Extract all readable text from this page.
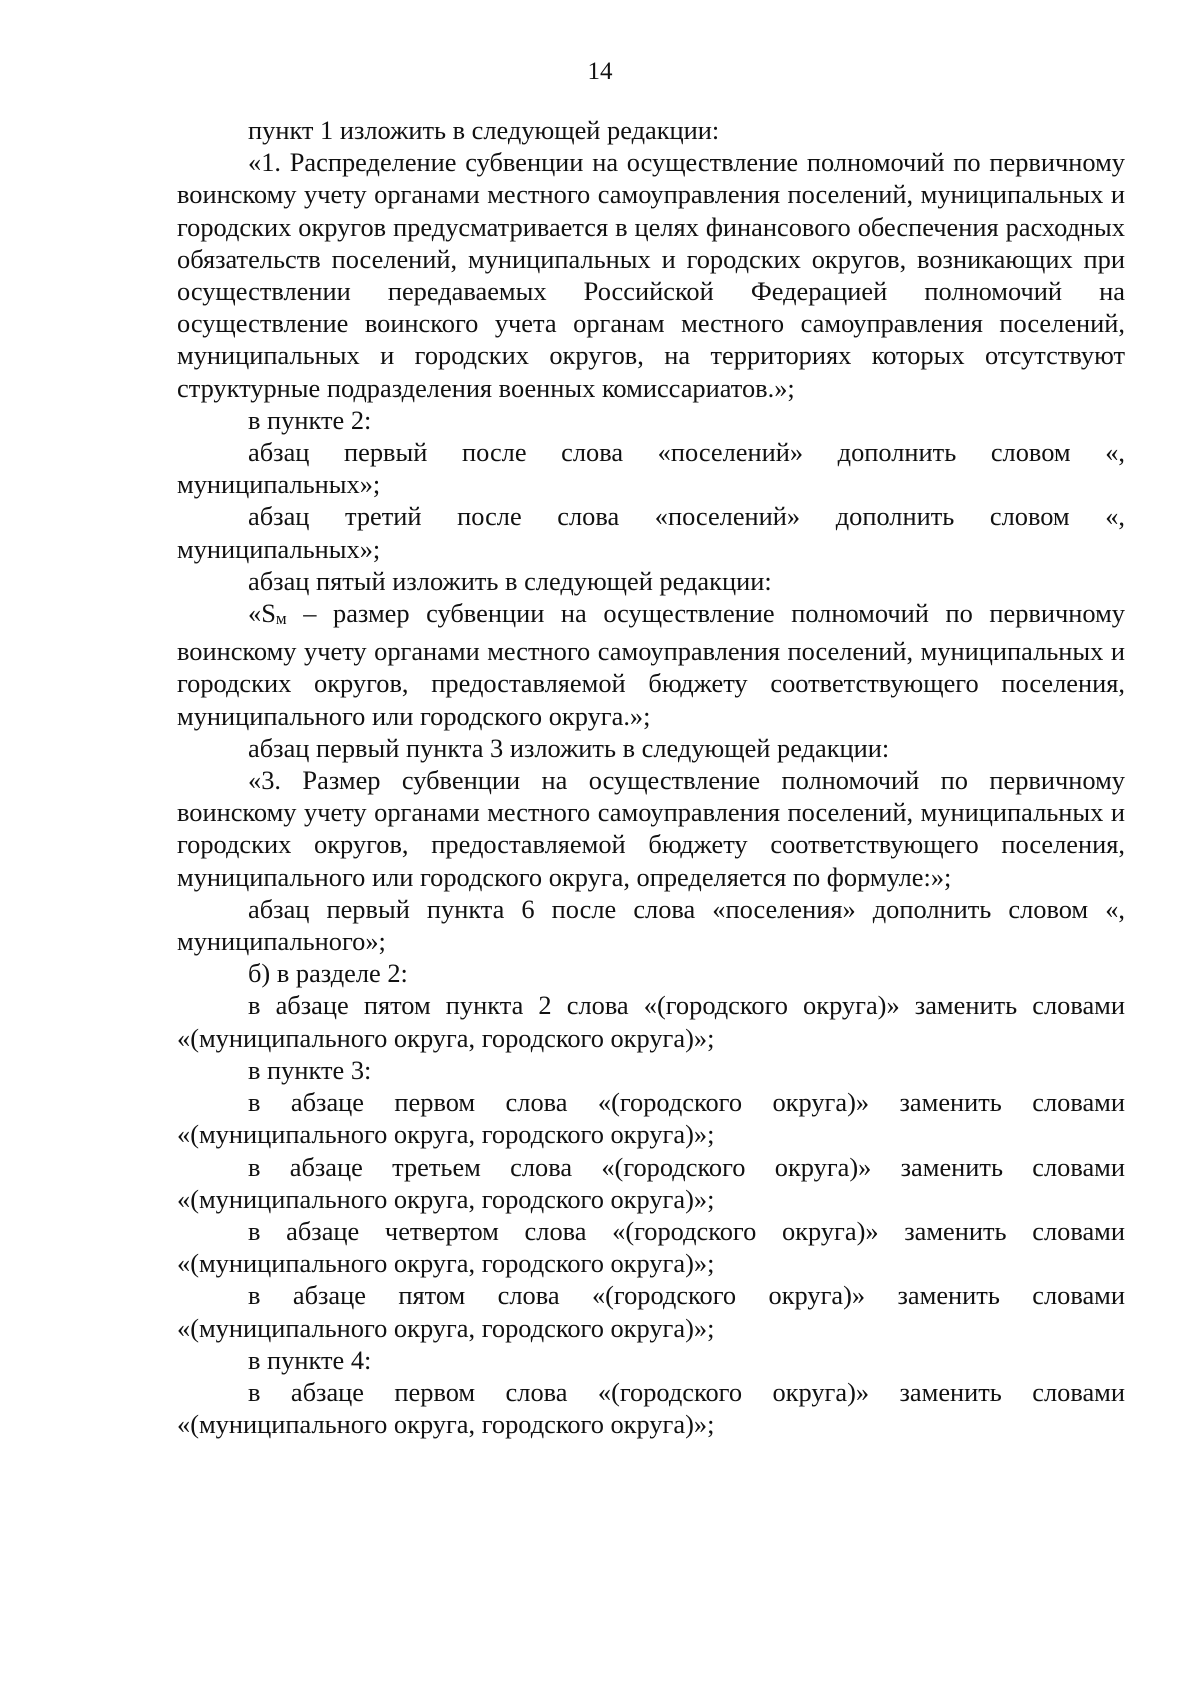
14

пункт 1 изложить в следующей редакции:

«1. Распределение субвенции на осуществление полномочий по первичному воинскому учету органами местного самоуправления поселений, муниципальных и городских округов предусматривается в целях финансового обеспечения расходных обязательств поселений, муниципальных и городских округов, возникающих при осуществлении передаваемых Российской Федерацией полномочий на осуществление воинского учета органам местного самоуправления поселений, муниципальных и городских округов, на территориях которых отсутствуют структурные подразделения военных комиссариатов.»;

в пункте 2:

абзац первый после слова «поселений» дополнить словом «, муниципальных»;

абзац третий после слова «поселений» дополнить словом «, муниципальных»;

абзац пятый изложить в следующей редакции:

«Sм – размер субвенции на осуществление полномочий по первичному воинскому учету органами местного самоуправления поселений, муниципальных и городских округов, предоставляемой бюджету соответствующего поселения, муниципального или городского округа.»;

абзац первый пункта 3 изложить в следующей редакции:

«3. Размер субвенции на осуществление полномочий по первичному воинскому учету органами местного самоуправления поселений, муниципальных и городских округов, предоставляемой бюджету соответствующего поселения, муниципального или городского округа, определяется по формуле:»;

абзац первый пункта 6 после слова «поселения» дополнить словом «, муниципального»;

б) в разделе 2:

в абзаце пятом пункта 2 слова «(городского округа)» заменить словами «(муниципального округа, городского округа)»;

в пункте 3:

в абзаце первом слова «(городского округа)» заменить словами «(муниципального округа, городского округа)»;

в абзаце третьем слова «(городского округа)» заменить словами «(муниципального округа, городского округа)»;

в абзаце четвертом слова «(городского округа)» заменить словами «(муниципального округа, городского округа)»;

в абзаце пятом слова «(городского округа)» заменить словами «(муниципального округа, городского округа)»;

в пункте 4:

в абзаце первом слова «(городского округа)» заменить словами «(муниципального округа, городского округа)»;
